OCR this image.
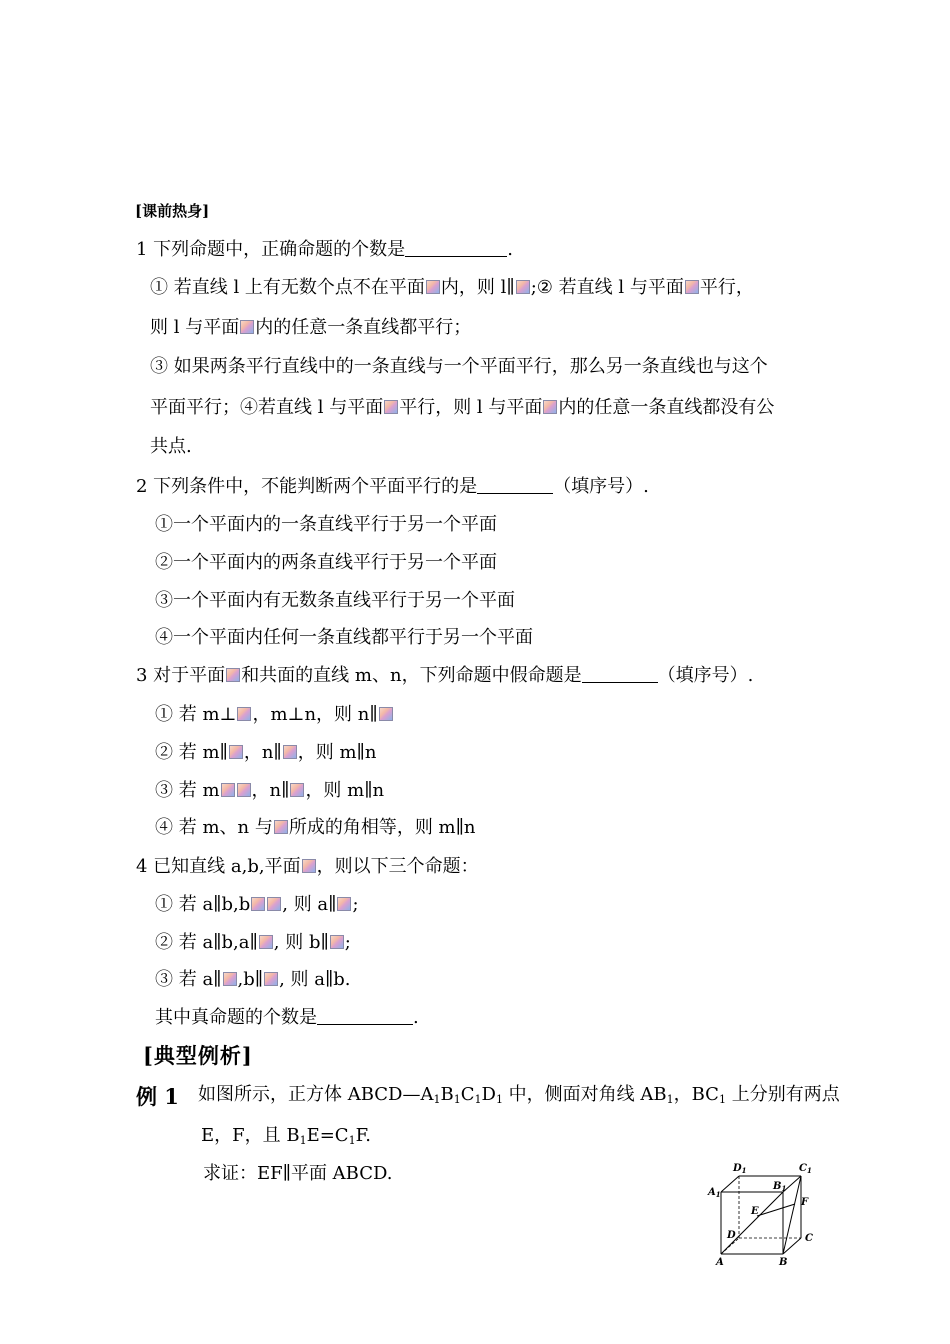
[课前热身]
1 下列命题中，正确命题的个数是	.
① 若直线 l 上有无数个点不在平面 内，则 l∥ ;② 若直线 l 与平面 平行，
则 l 与平面 内的任意一条直线都平行；
③ 如果两条平行直线中的一条直线与一个平面平行，那么另一条直线也与这个
平面平行；④若直线 l 与平面 平行，则 l 与平面 内的任意一条直线都没有公
共点.
2 下列条件中，不能判断两个平面平行的是	（填序号）.
①一个平面内的一条直线平行于另一个平面
②一个平面内的两条直线平行于另一个平面
③一个平面内有无数条直线平行于另一个平面
④一个平面内任何一条直线都平行于另一个平面
3 对于平面 和共面的直线 m、n，下列命题中假命题是	（填序号）.
① 若 m⊥ ，m⊥n，则 n∥
② 若 m∥ ，n∥ ，则 m∥n
③ 若 m ，n∥ ，则 m∥n
④ 若 m、n 与 所成的角相等，则 m∥n
4 已知直线 a,b,平面 ，则以下三个命题：
① 若 a∥b,b , 则 a∥ ;
② 若 a∥b,a∥ , 则 b∥ ;
③ 若 a∥ ,b∥ , 则 a∥b.
其中真命题的个数是	.
[典型例析]
例 1 如图所示，正方体 $ABCD—A_1B_1C_1D_1$ 中，侧面对角线 $AB_1$，$BC_1$ 上分别有两点
E，F，且 $B_1E=C_1F$.
求证：EF∥平面 ABCD.	$D_1$	$C_1$
$A_1$
$B_1$
E
F
D	C
A	B
